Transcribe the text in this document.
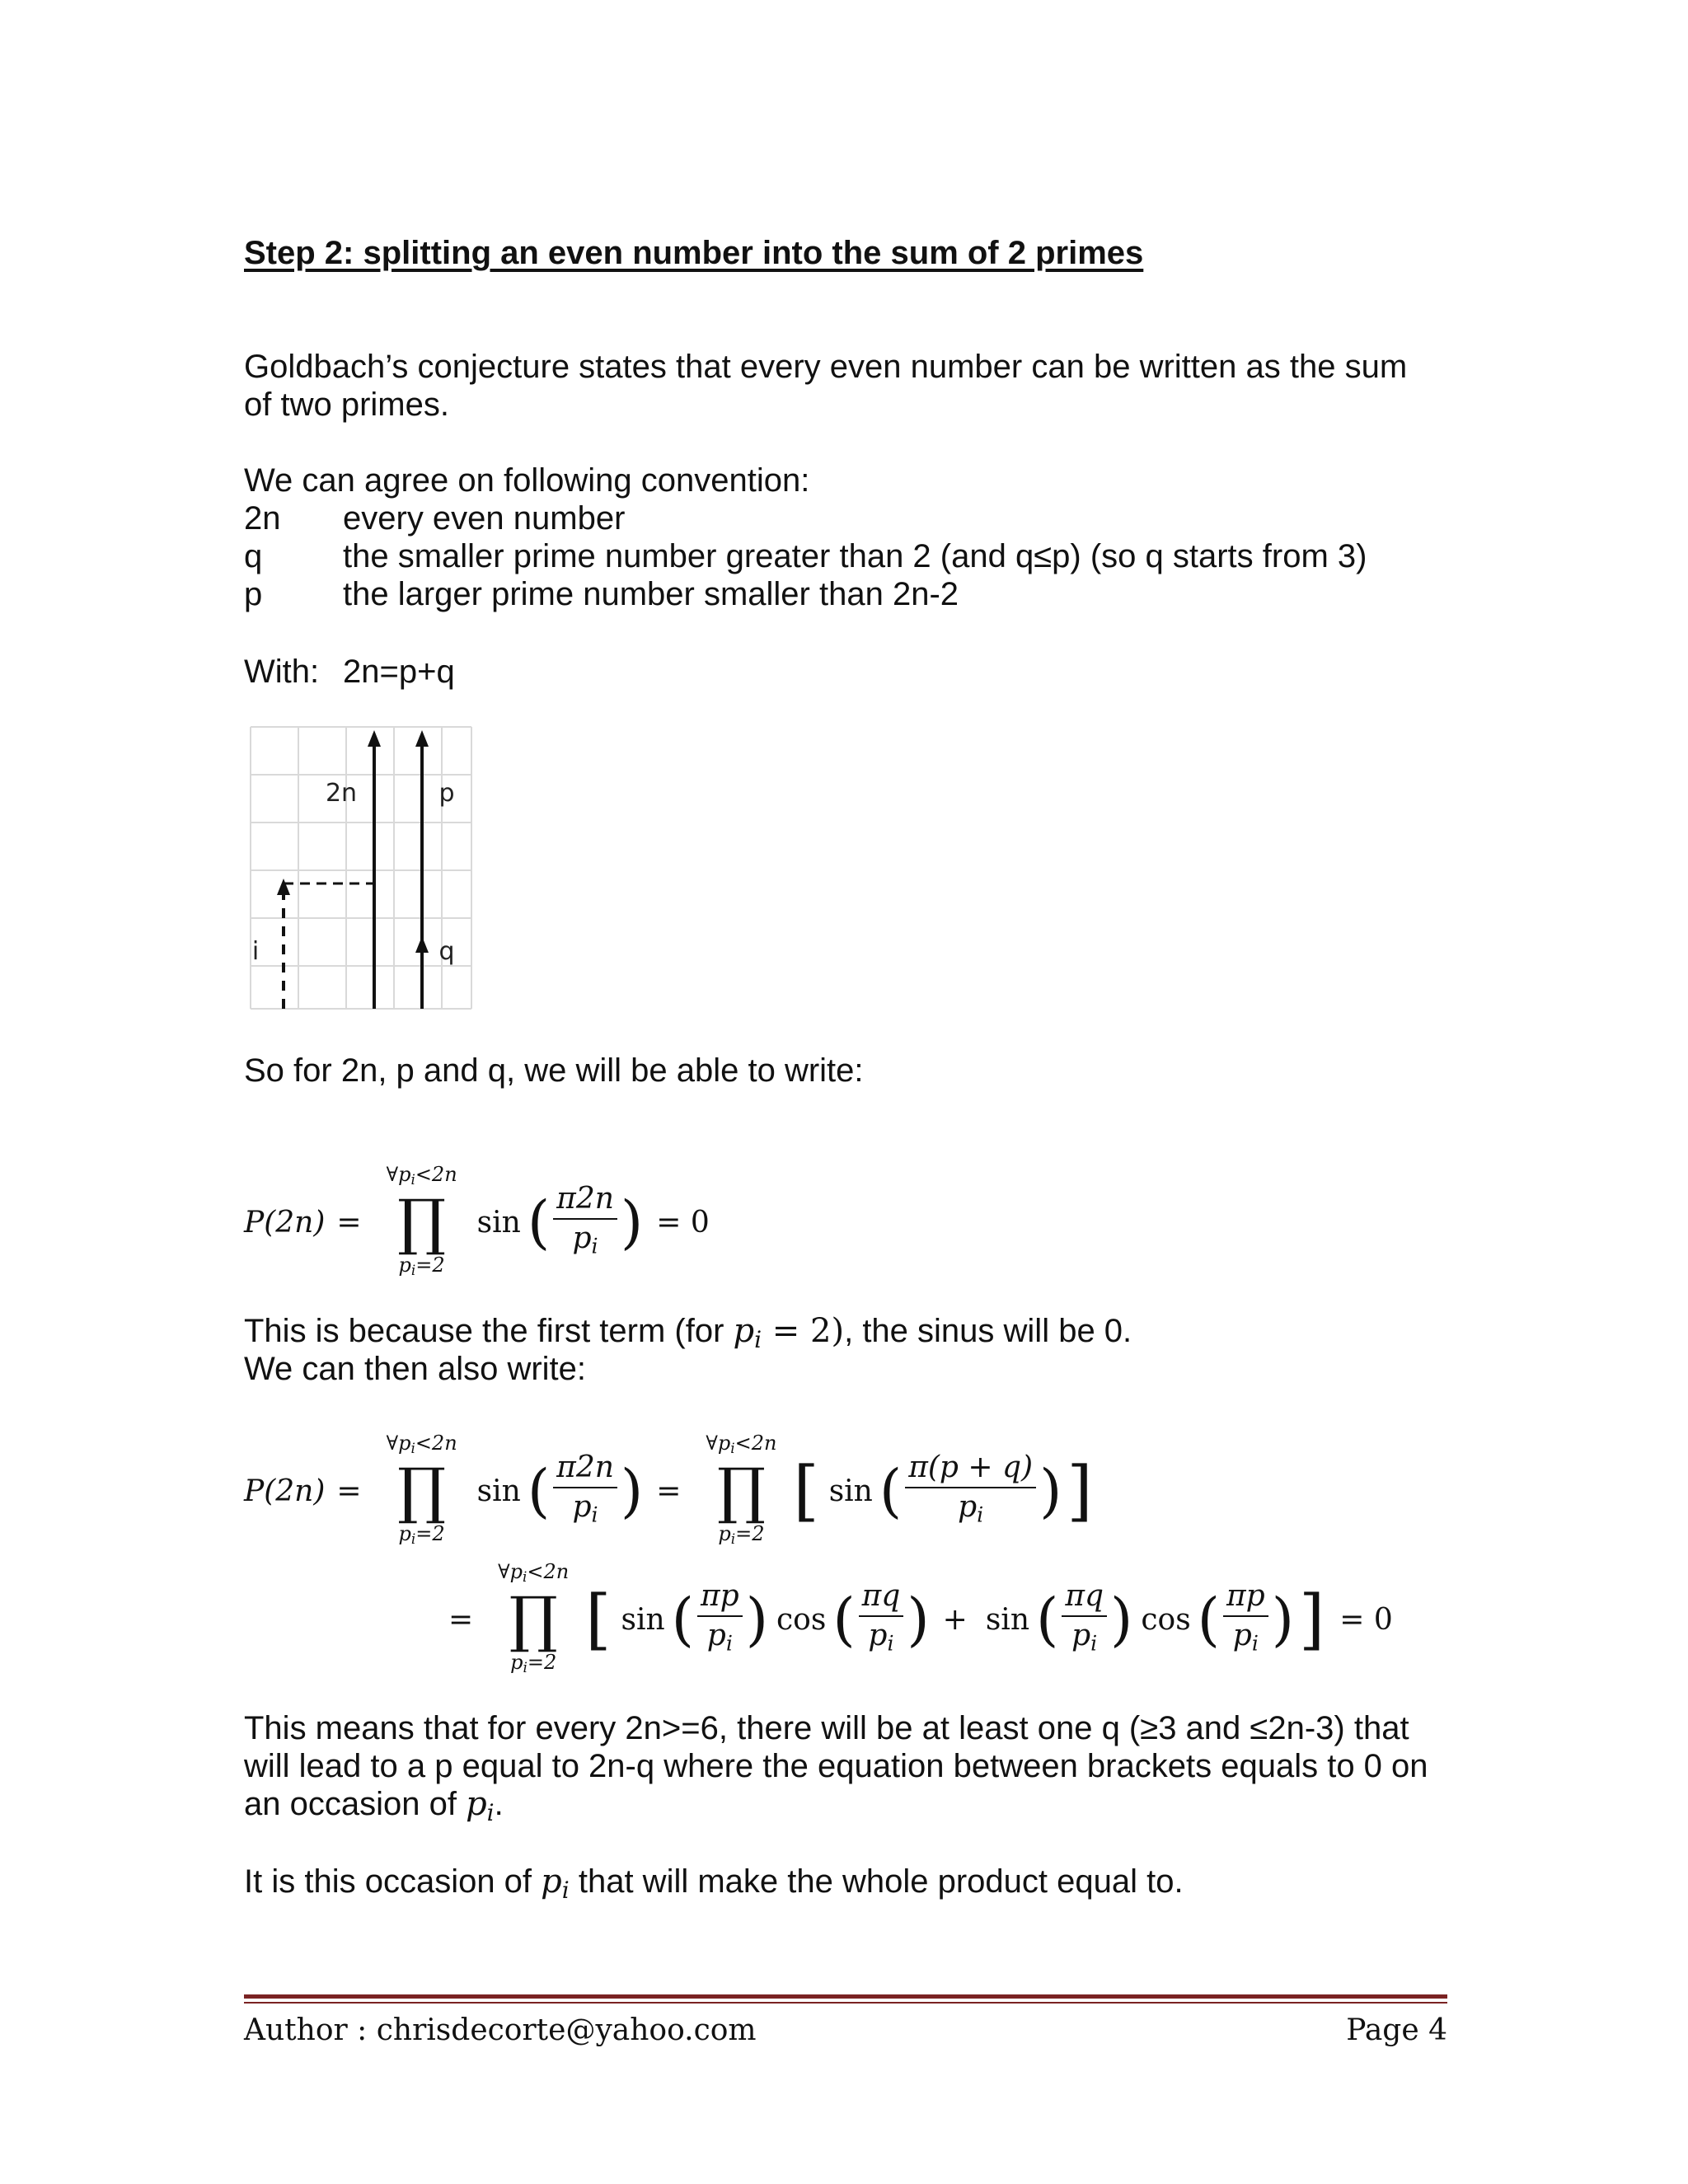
Step 2: splitting an even number into the sum of 2 primes
Goldbach’s conjecture states that every even number can be written as the sum
of two primes.
We can agree on following convention:
2n every even number
q the smaller prime number greater than 2 (and q≤p) (so q starts from 3)
p the larger prime number smaller than 2n-2
With: 2n=p+q
2n	p
i	q
So for 2n, p and q, we will be able to write:
P(2n) =
$\forall p_i<2n$
∏
$p_i=2$
sin ( $\frac{\pi 2n}{p_i}$ ) = 0
This is because the first term (for $p_i = 2$), the sinus will be 0.
We can then also write:
P(2n) =
$\forall p_i<2n$
∏
$p_i=2$
sin ( $\frac{\pi 2n}{p_i}$ ) =
$\forall p_i<2n$
∏
$p_i=2$
[ sin ( $\frac{\pi(p + q)}{p_i}$ ) ]
=
$\forall p_i<2n$
∏
$p_i=2$
[ sin ( $\frac{\pi p}{p_i}$ ) cos ( $\frac{\pi q}{p_i}$ ) + sin ( $\frac{\pi q}{p_i}$ ) cos ( $\frac{\pi p}{p_i}$ ) ] = 0
This means that for every 2n>=6, there will be at least one q (≥3 and ≤2n-3) that
will lead to a p equal to 2n-q where the equation between brackets equals to 0 on
an occasion of $p_i$.
It is this occasion of $p_i$ that will make the whole product equal to.
Author : chrisdecorte@yahoo.com	Page 4
